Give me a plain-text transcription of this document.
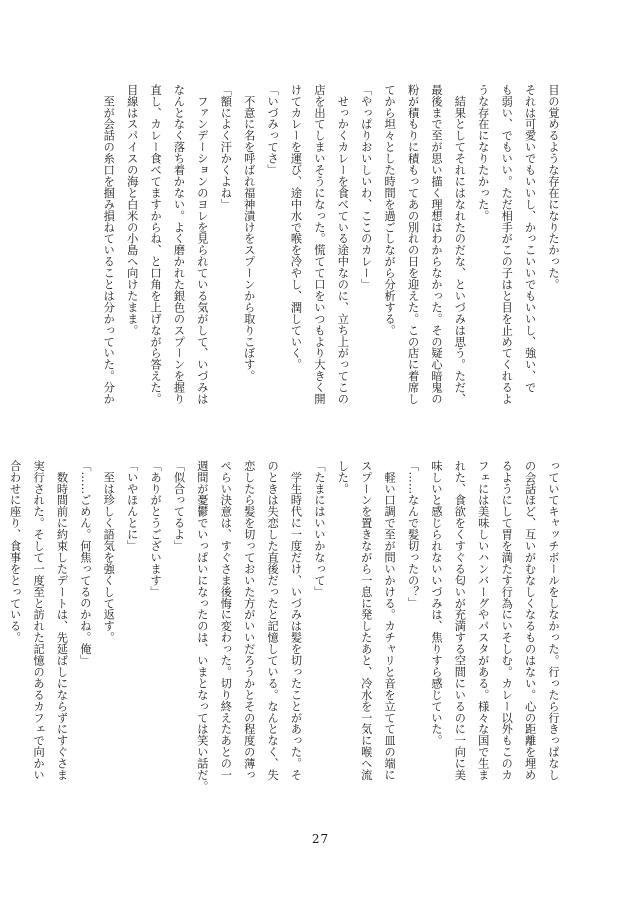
目の覚めるような存在になりたかった。

それは可愛いでもいいし、かっこいいでもいいし、強い、で

も弱い、でもいい。ただ相手がこの子はと目を止めてくれるよ

うな存在になりたかった。

　結果としてそれにはなれたのだな、といづみは思う。ただ、

最後まで至が思い描く理想はわからなかった。その疑心暗鬼の

粉が積もりに積もってあの別れの日を迎えた。この店に着席し

てから坦々とした時間を過ごしながら分析する。

「やっぱりおいしいわ、ここのカレー」

　せっかくカレーを食べている途中なのに、立ち上がってこの

店を出てしまいそうになった。慌てて口をいつもより大きく開

けてカレーを運び、途中水で喉を冷やし、潤していく。

「いづみってさ」

　不意に名を呼ばれ福神漬けをスプーンから取りこぼす。

「額によく汗かくよね」

　ファンデーションのヨレを見られている気がして、いづみは

なんとなく落ち着かない。よく磨かれた銀色のスプーンを握り

直し、カレー食べてますからね、と口角を上げながら答えた。

目線はスパイスの海と白米の小島へ向けたまま。

　至が会話の糸口を掴み損ねていることは分かっていた。分か

っていてキャッチボールをしなかった。行ったら行きっぱなし

の会話ほど、互いがむなしくなるものはない。心の距離を埋め

るようにして胃を満たす行為にいそしむ。カレー以外もこのカ

フェには美味しいハンバーグやパスタがある。様々な国で生ま

れた、食欲をくすぐる匂いが充満する空間にいるのに一向に美

味しいと感じられないいづみは、焦りすら感じていた。

「……なんで髪切ったの？」

　軽い口調で至が問いかける。カチャリと音を立てて皿の端に

スプーンを置きながら一息に発したあと、冷水を一気に喉へ流

した。

「たまにはいいかなって」

　学生時代に一度だけ、いづみは髪を切ったことがあった。そ

のときは失恋した直後だったと記憶している。なんとなく、失

恋したら髪を切っておいた方がいいだろうかとその程度の薄っ

ぺらい決意は、すぐさま後悔に変わった。切り終えたあとの一

週間が憂鬱でいっぱいになったのは、いまとなっては笑い話だ。

「似合ってるよ」

「ありがとうございます」

「いやほんとに」

　至は珍しく語気を強くして返す。

「……ごめん。何焦ってるのかね。俺」

　数時間前に約束したデートは、先延ばしにならずにすぐさま

実行された。そして一度至と訪れた記憶のあるカフェで向かい

合わせに座り、食事をとっている。

27
